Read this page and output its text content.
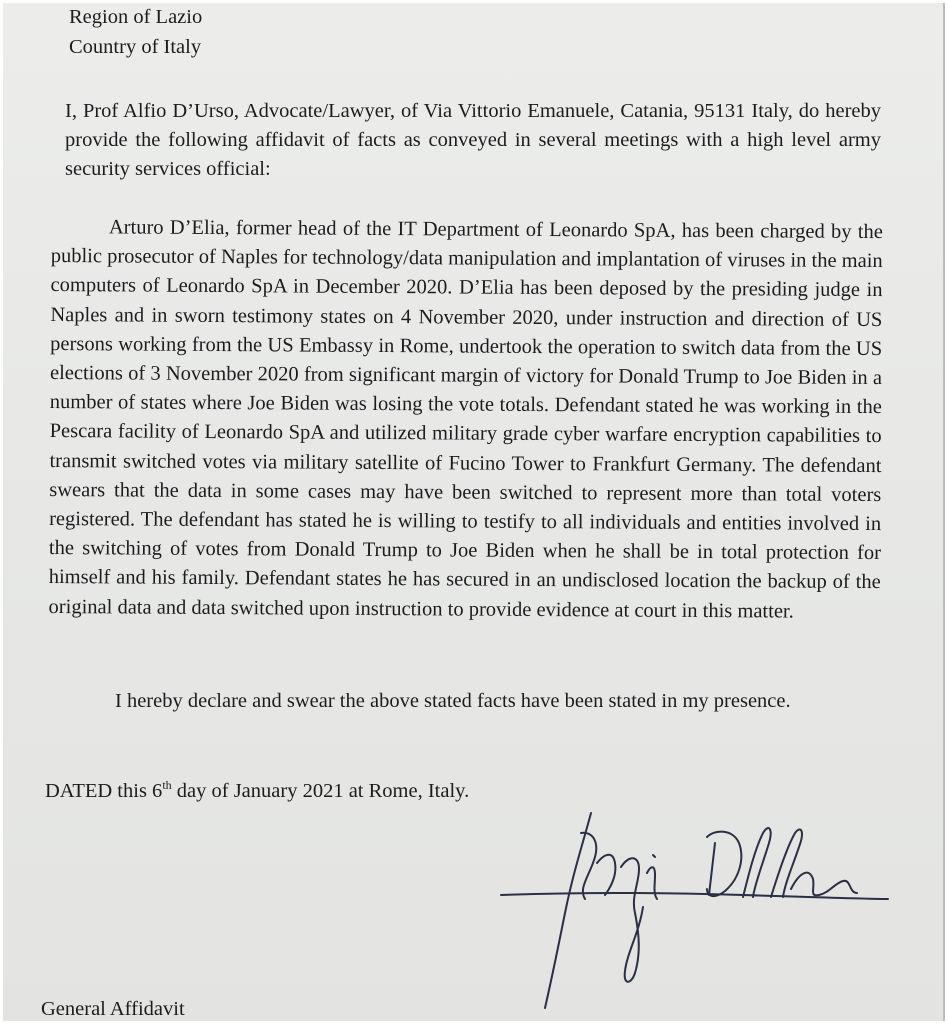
Region of Lazio

Country of Italy

I, Prof Alfio D’Urso, Advocate/Lawyer, of Via Vittorio Emanuele, Catania, 95131 Italy, do hereby provide the following affidavit of facts as conveyed in several meetings with a high level army security services official:

Arturo D’Elia, former head of the IT Department of Leonardo SpA, has been charged by the public prosecutor of Naples for technology/data manipulation and implantation of viruses in the main computers of Leonardo SpA in December 2020. D’Elia has been deposed by the presiding judge in Naples and in sworn testimony states on 4 November 2020, under instruction and direction of US persons working from the US Embassy in Rome, undertook the operation to switch data from the US elections of 3 November 2020 from significant margin of victory for Donald Trump to Joe Biden in a number of states where Joe Biden was losing the vote totals. Defendant stated he was working in the Pescara facility of Leonardo SpA and utilized military grade cyber warfare encryption capabilities to transmit switched votes via military satellite of Fucino Tower to Frankfurt Germany. The defendant swears that the data in some cases may have been switched to represent more than total voters registered. The defendant has stated he is willing to testify to all individuals and entities involved in the switching of votes from Donald Trump to Joe Biden when he shall be in total protection for himself and his family. Defendant states he has secured in an undisclosed location the backup of the original data and data switched upon instruction to provide evidence at court in this matter.

I hereby declare and swear the above stated facts have been stated in my presence.

DATED this 6th day of January 2021 at Rome, Italy.

General Affidavit
